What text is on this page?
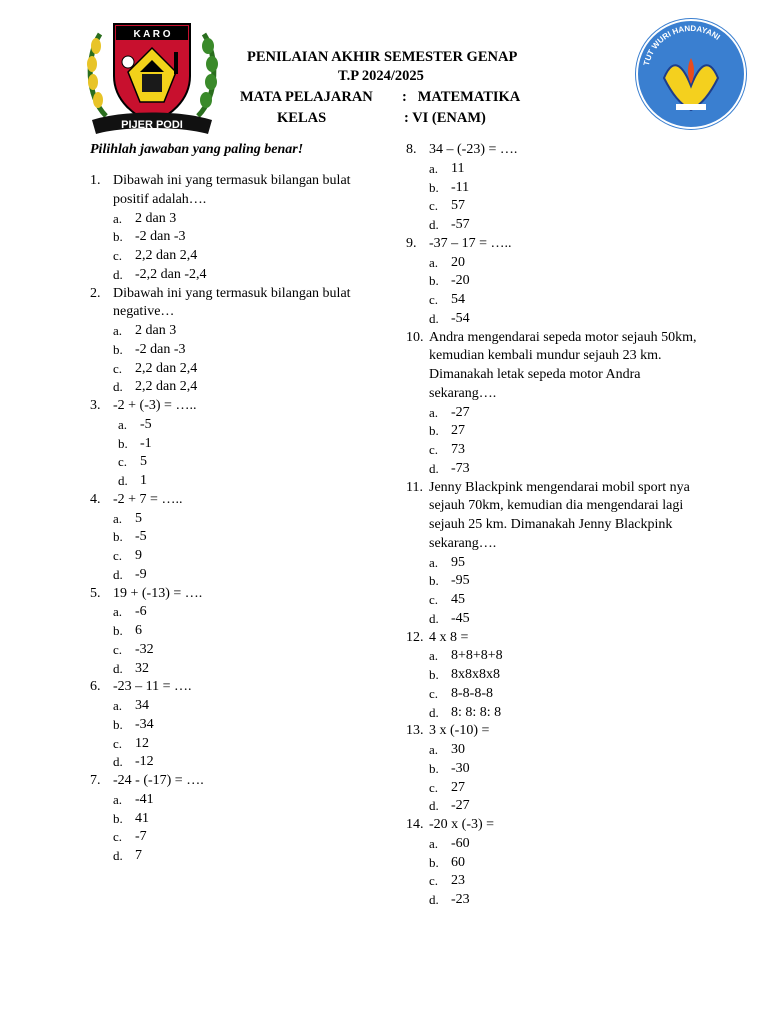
K A R O
PIJER PODI
TUT WURI HANDAYANI
PENILAIAN AKHIR SEMESTER GENAP
T.P 2024/2025
MATA PELAJARAN :   MATEMATIKA
KELAS	: VI (ENAM)
Pilihlah jawaban yang paling benar!
1. Dibawah ini yang termasuk bilangan bulat positif adalah….
a. 2 dan 3
b. -2 dan -3
c. 2,2 dan 2,4
d. -2,2 dan -2,4
2. Dibawah ini yang termasuk bilangan bulat negative…
a. 2 dan 3
b. -2 dan -3
c. 2,2 dan 2,4
d. 2,2 dan 2,4
3. -2 + (-3) = …..
a. -5
b. -1
c. 5
d. 1
4. -2 + 7 = …..
a. 5
b. -5
c. 9
d. -9
5. 19 + (-13) = ….
a. -6
b. 6
c. -32
d. 32
6. -23 – 11 = ….
a. 34
b. -34
c. 12
d. -12
7. -24 - (-17) = ….
a. -41
b. 41
c. -7
d. 7
8. 34 – (-23) = ….
a. 11
b. -11
c. 57
d. -57
9. -37 – 17 = …..
a. 20
b. -20
c. 54
d. -54
10. Andra mengendarai sepeda motor sejauh 50km, kemudian kembali mundur sejauh 23 km. Dimanakah letak sepeda motor Andra sekarang….
a. -27
b. 27
c. 73
d. -73
11. Jenny Blackpink mengendarai mobil sport nya sejauh 70km, kemudian dia mengendarai lagi sejauh 25 km. Dimanakah Jenny Blackpink sekarang….
a. 95
b. -95
c. 45
d. -45
12. 4 x 8 =
a. 8+8+8+8
b. 8x8x8x8
c. 8-8-8-8
d. 8: 8: 8: 8
13. 3 x (-10) =
a. 30
b. -30
c. 27
d. -27
14. -20 x (-3) =
a. -60
b. 60
c. 23
d. -23
